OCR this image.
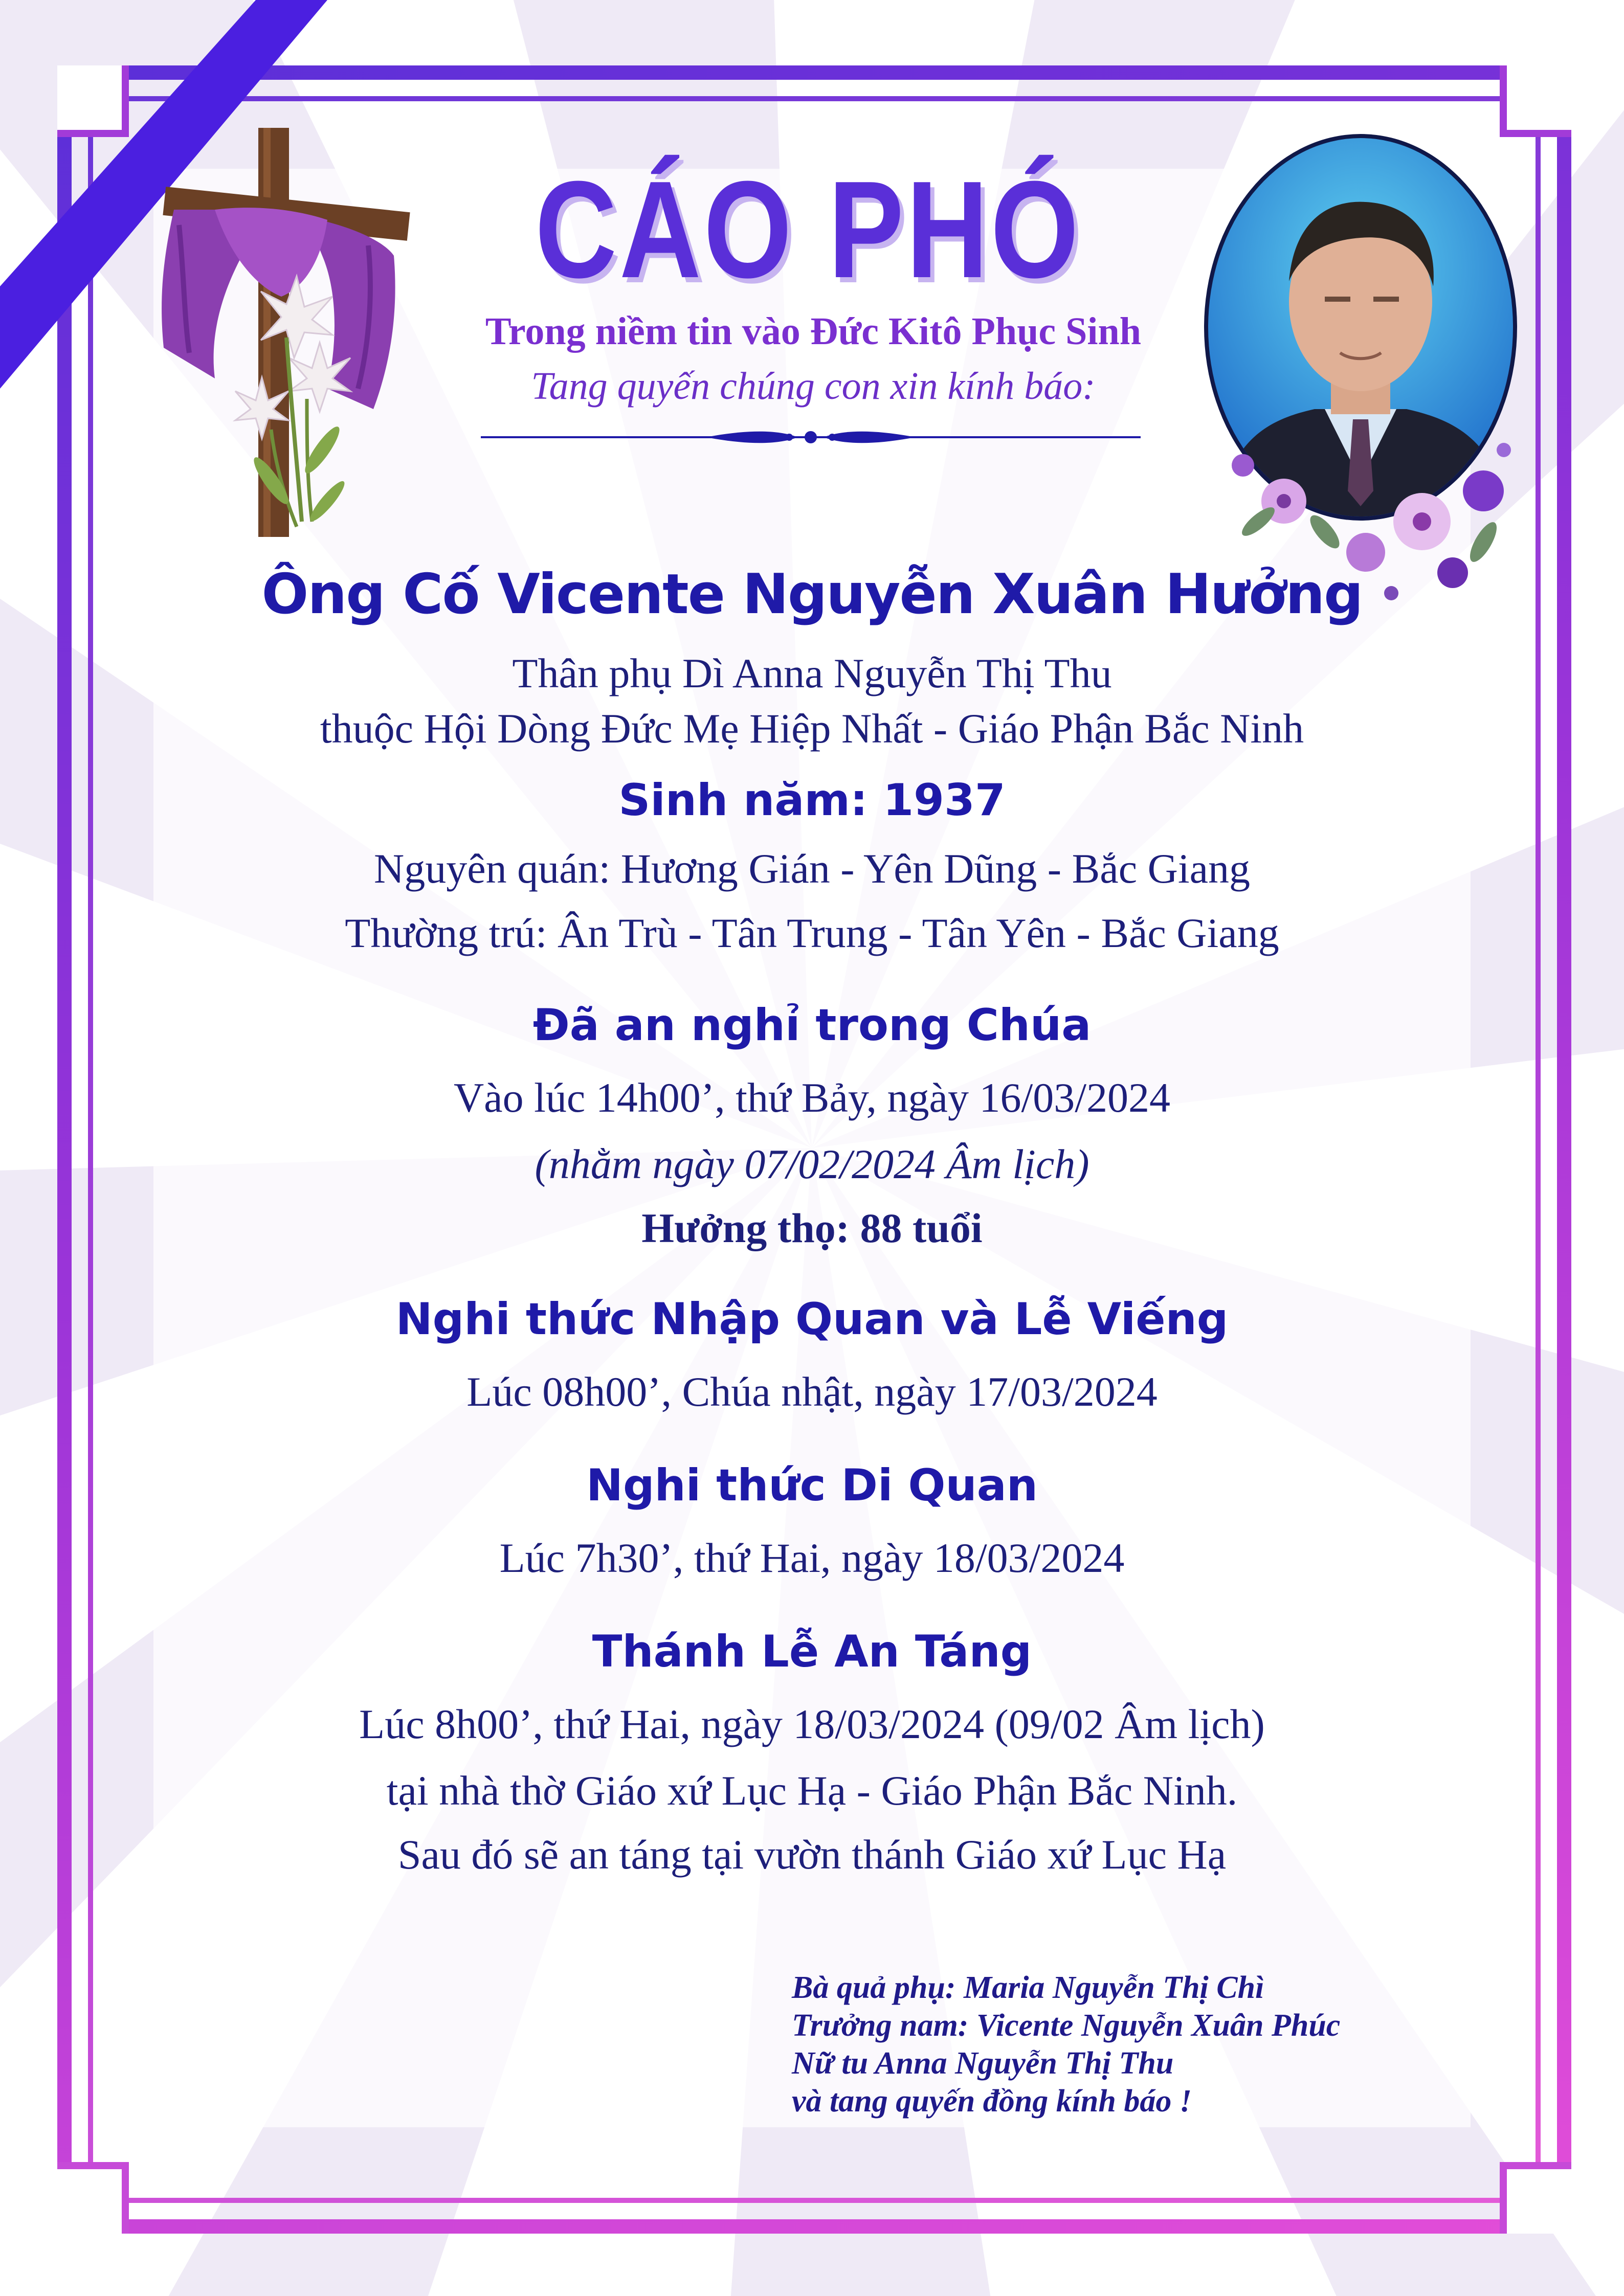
CÁO PHÓ
Trong niềm tin vào Đức Kitô Phục Sinh
Tang quyến chúng con xin kính báo:
Ông Cố Vicente Nguyễn Xuân Hưởng
Thân phụ Dì Anna Nguyễn Thị Thu
thuộc Hội Dòng Đức Mẹ Hiệp Nhất - Giáo Phận Bắc Ninh
Sinh năm: 1937
Nguyên quán: Hương Gián - Yên Dũng - Bắc Giang
Thường trú: Ân Trù - Tân Trung - Tân Yên - Bắc Giang
Đã an nghỉ trong Chúa
Vào lúc 14h00’, thứ Bảy, ngày 16/03/2024
(nhằm ngày 07/02/2024 Âm lịch)
Hưởng thọ: 88 tuổi
Nghi thức Nhập Quan và Lễ Viếng
Lúc 08h00’, Chúa nhật, ngày 17/03/2024
Nghi thức Di Quan
Lúc 7h30’, thứ Hai, ngày 18/03/2024
Thánh Lễ An Táng
Lúc 8h00’, thứ Hai, ngày 18/03/2024 (09/02 Âm lịch)
tại nhà thờ Giáo xứ Lục Hạ - Giáo Phận Bắc Ninh.
Sau đó sẽ an táng tại vườn thánh Giáo xứ Lục Hạ
Bà quả phụ: Maria Nguyễn Thị Chì
Trưởng nam: Vicente Nguyễn Xuân Phúc
Nữ tu Anna Nguyễn Thị Thu
và tang quyến đồng kính báo !
